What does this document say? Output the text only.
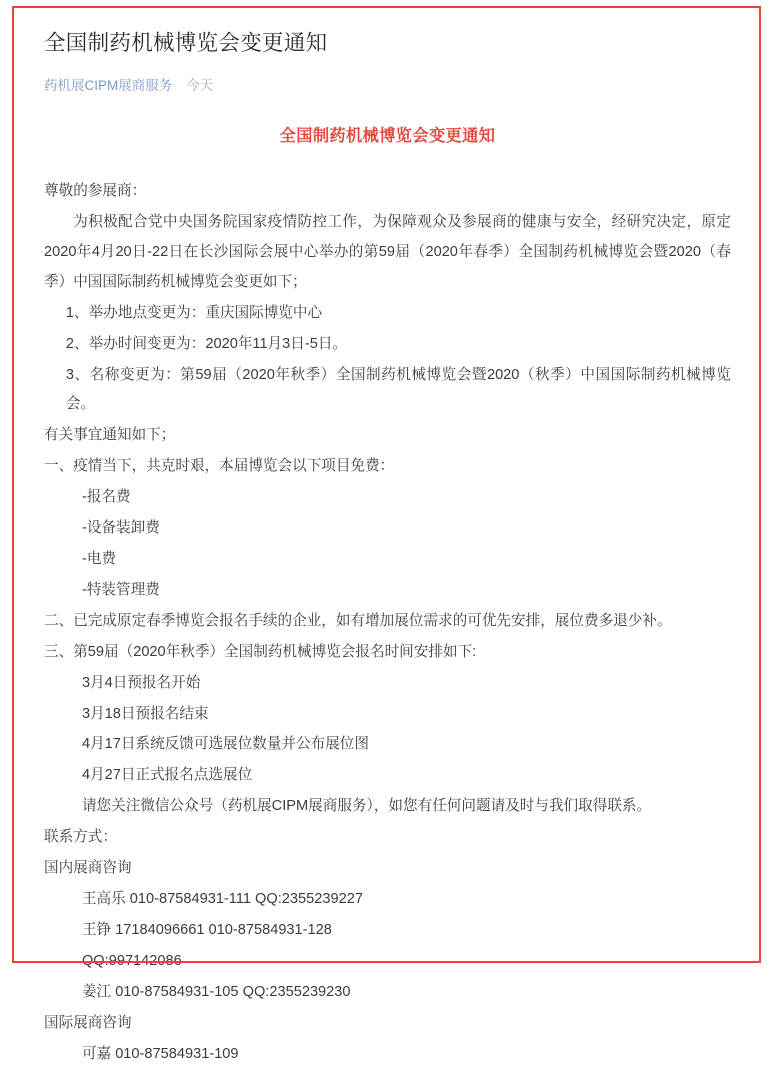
全国制药机械博览会变更通知
药机展CIPM展商服务 今天

全国制药机械博览会变更通知

尊敬的参展商：

为积极配合党中央国务院国家疫情防控工作，为保障观众及参展商的健康与安全，经研究决定，原定2020年4月20日-22日在长沙国际会展中心举办的第59届（2020年春季）全国制药机械博览会暨2020（春季）中国国际制药机械博览会变更如下；

1、举办地点变更为：重庆国际博览中心

2、举办时间变更为：2020年11月3日-5日。

3、名称变更为：第59届（2020年秋季）全国制药机械博览会暨2020（秋季）中国国际制药机械博览会。

有关事宜通知如下；

一、疫情当下，共克时艰，本届博览会以下项目免费：

-报名费

-设备装卸费

-电费

-特装管理费

二、已完成原定春季博览会报名手续的企业，如有增加展位需求的可优先安排，展位费多退少补。

三、第59届（2020年秋季）全国制药机械博览会报名时间安排如下:

3月4日预报名开始

3月18日预报名结束

4月17日系统反馈可选展位数量并公布展位图

4月27日正式报名点选展位

请您关注微信公众号（药机展CIPM展商服务），如您有任何问题请及时与我们取得联系。

联系方式：

国内展商咨询

王高乐 010-87584931-111 QQ:2355239227

王铮 17184096661 010-87584931-128

QQ:997142086

姜江 010-87584931-105 QQ:2355239230

国际展商咨询

可嘉 010-87584931-109
